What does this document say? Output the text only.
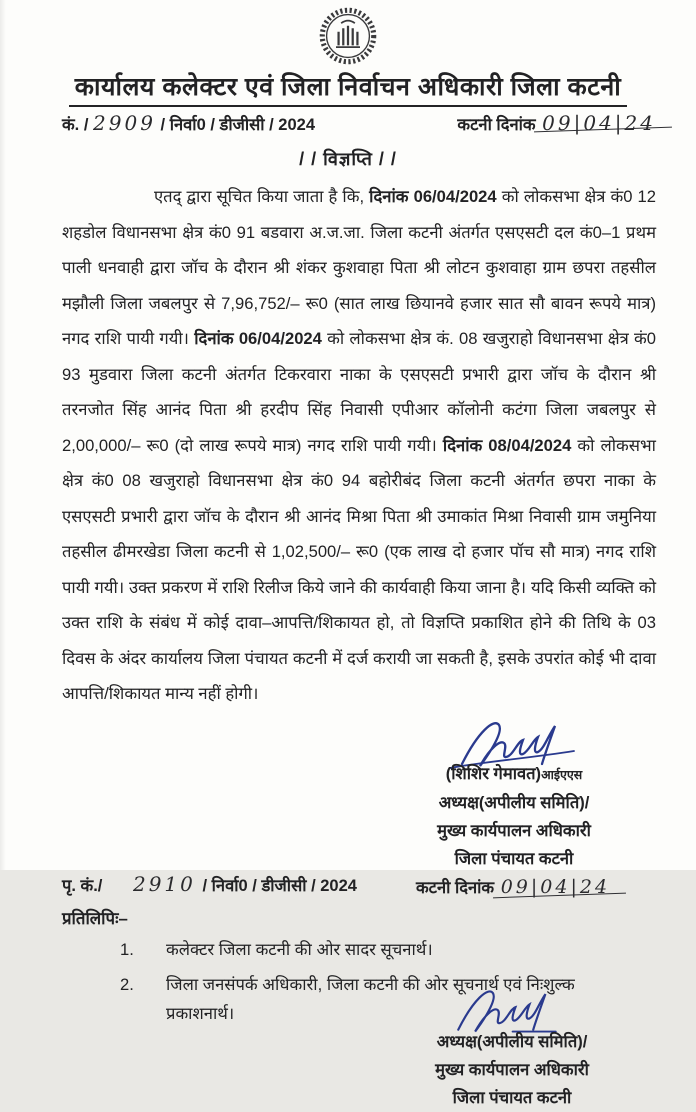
कार्यालय कलेक्टर एवं जिला निर्वाचन अधिकारी जिला कटनी
कं. / 2909 / निर्वा0 / डीजीसी / 2024	कटनी दिनांक 09|04|24
/ / विज्ञप्ति / /

एतद् द्वारा सूचित किया जाता है कि, दिनांक 06/04/2024 को लोकसभा क्षेत्र कं0 12 शहडोल विधानसभा क्षेत्र कं0 91 बडवारा अ.ज.जा. जिला कटनी अंतर्गत एसएसटी दल कं0–1 प्रथम पाली धनवाही द्वारा जॉच के दौरान श्री शंकर कुशवाहा पिता श्री लोटन कुशवाहा ग्राम छपरा तहसील मझौली जिला जबलपुर से 7,96,752/– रू0 (सात लाख छियानवे हजार सात सौ बावन रूपये मात्र) नगद राशि पायी गयी। दिनांक 06/04/2024 को लोकसभा क्षेत्र कं. 08 खजुराहो विधानसभा क्षेत्र कं0 93 मुडवारा जिला कटनी अंतर्गत टिकरवारा नाका के एसएसटी प्रभारी द्वारा जॉच के दौरान श्री तरनजोत सिंह आनंद पिता श्री हरदीप सिंह निवासी एपीआर कॉलोनी कटंगा जिला जबलपुर से 2,00,000/– रू0 (दो लाख रूपये मात्र) नगद राशि पायी गयी। दिनांक 08/04/2024 को लोकसभा क्षेत्र कं0 08 खजुराहो विधानसभा क्षेत्र कं0 94 बहोरीबंद जिला कटनी अंतर्गत छपरा नाका के एसएसटी प्रभारी द्वारा जॉच के दौरान श्री आनंद मिश्रा पिता श्री उमाकांत मिश्रा निवासी ग्राम जमुनिया तहसील ढीमरखेडा जिला कटनी से 1,02,500/– रू0 (एक लाख दो हजार पॉच सौ मात्र) नगद राशि पायी गयी। उक्त प्रकरण में राशि रिलीज किये जाने की कार्यवाही किया जाना है। यदि किसी व्यक्ति को उक्त राशि के संबंध में कोई दावा–आपत्ति/शिकायत हो, तो विज्ञप्ति प्रकाशित होने की तिथि के 03 दिवस के अंदर कार्यालय जिला पंचायत कटनी में दर्ज करायी जा सकती है, इसके उपरांत कोई भी दावा आपत्ति/शिकायत मान्य नहीं होगी।

(शिशिर गेमावत)आईएएस
अध्यक्ष(अपीलीय समिति)/
मुख्य कार्यपालन अधिकारी
जिला पंचायत कटनी
कटनी दिनांक 09|04|24
पृ. कं./ 2910 / निर्वा0 / डीजीसी / 2024
प्रतिलिपिः–
1.	कलेक्टर जिला कटनी की ओर सादर सूचनार्थ।
2.	जिला जनसंपर्क अधिकारी, जिला कटनी की ओर सूचनार्थ एवं निःशुल्क प्रकाशनार्थ।
अध्यक्ष(अपीलीय समिति)/
मुख्य कार्यपालन अधिकारी
जिला पंचायत कटनी
